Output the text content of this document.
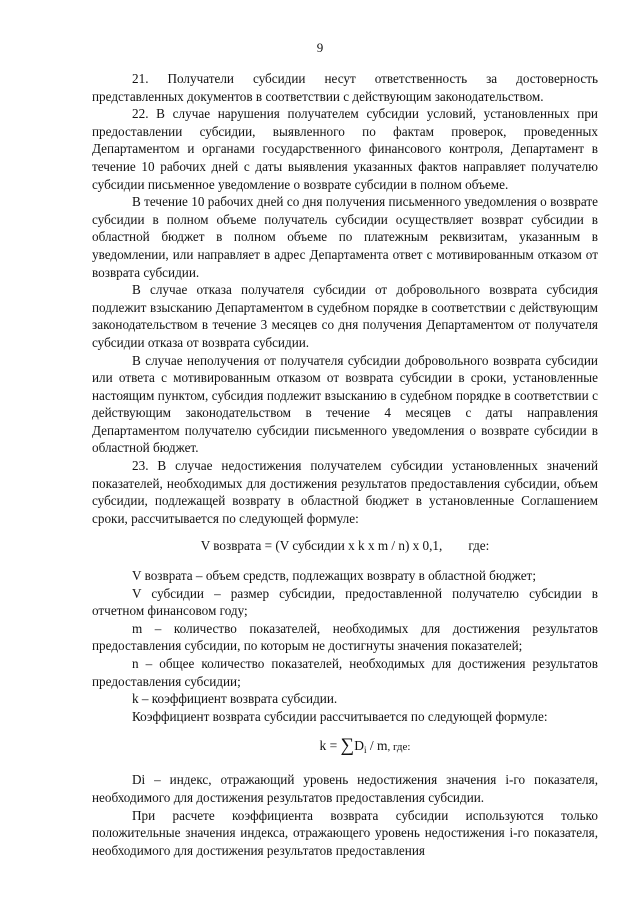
9

21. Получатели субсидии несут ответственность за достоверность представленных документов в соответствии с действующим законодательством.

22. В случае нарушения получателем субсидии условий, установленных при предоставлении субсидии, выявленного по фактам проверок, проведенных Департаментом и органами государственного финансового контроля, Департамент в течение 10 рабочих дней с даты выявления указанных фактов направляет получателю субсидии письменное уведомление о возврате субсидии в полном объеме.

В течение 10 рабочих дней со дня получения письменного уведомления о возврате субсидии в полном объеме получатель субсидии осуществляет возврат субсидии в областной бюджет в полном объеме по платежным реквизитам, указанным в уведомлении, или направляет в адрес Департамента ответ с мотивированным отказом от возврата субсидии.

В случае отказа получателя субсидии от добровольного возврата субсидия подлежит взысканию Департаментом в судебном порядке в соответствии с действующим законодательством в течение 3 месяцев со дня получения Департаментом от получателя субсидии отказа от возврата субсидии.

В случае неполучения от получателя субсидии добровольного возврата субсидии или ответа с мотивированным отказом от возврата субсидии в сроки, установленные настоящим пунктом, субсидия подлежит взысканию в судебном порядке в соответствии с действующим законодательством в течение 4 месяцев с даты направления Департаментом получателю субсидии письменного уведомления о возврате субсидии в областной бюджет.

23. В случае недостижения получателем субсидии установленных значений показателей, необходимых для достижения результатов предоставления субсидии, объем субсидии, подлежащей возврату в областной бюджет в установленные Соглашением сроки, рассчитывается по следующей формуле:

V возврата = (V субсидии x k x m / n) x 0,1, где:

V возврата – объем средств, подлежащих возврату в областной бюджет;

V субсидии – размер субсидии, предоставленной получателю субсидии в отчетном финансовом году;

m – количество показателей, необходимых для достижения результатов предоставления субсидии, по которым не достигнуты значения показателей;

n – общее количество показателей, необходимых для достижения результатов предоставления субсидии;

k – коэффициент возврата субсидии.

Коэффициент возврата субсидии рассчитывается по следующей формуле:

$k = \sum D_i / m$, где:

Di – индекс, отражающий уровень недостижения значения i-го показателя, необходимого для достижения результатов предоставления субсидии.

При расчете коэффициента возврата субсидии используются только положительные значения индекса, отражающего уровень недостижения i-го показателя, необходимого для достижения результатов предоставления
